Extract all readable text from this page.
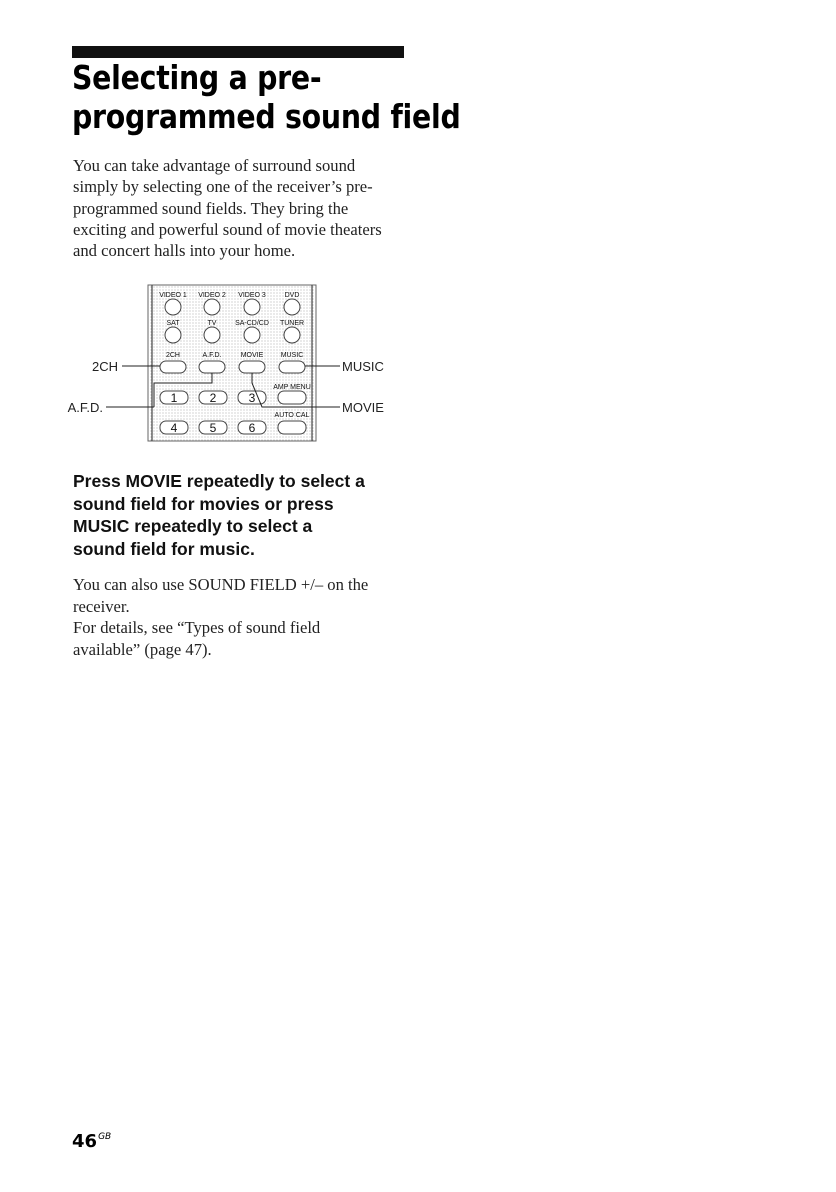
Selecting a pre-
programmed sound field

You can take advantage of surround sound
simply by selecting one of the receiver’s pre-
programmed sound fields. They bring the
exciting and powerful sound of movie theaters
and concert halls into your home.

VIDEO 1 VIDEO 2 VIDEO 3	DVD
SAT	TV	SA-CD/CD TUNER
2CH	A.F.D.	MOVIE MUSIC
AMP MENU
1	2	3
AUTO CAL
4	5	6
2CH
A.F.D.
MUSIC
MOVIE

Press MOVIE repeatedly to select a
sound field for movies or press
MUSIC repeatedly to select a
sound field for music.

You can also use SOUND FIELD +/– on the
receiver.
For details, see “Types of sound field
available” (page 47).

$46^{GB}$
